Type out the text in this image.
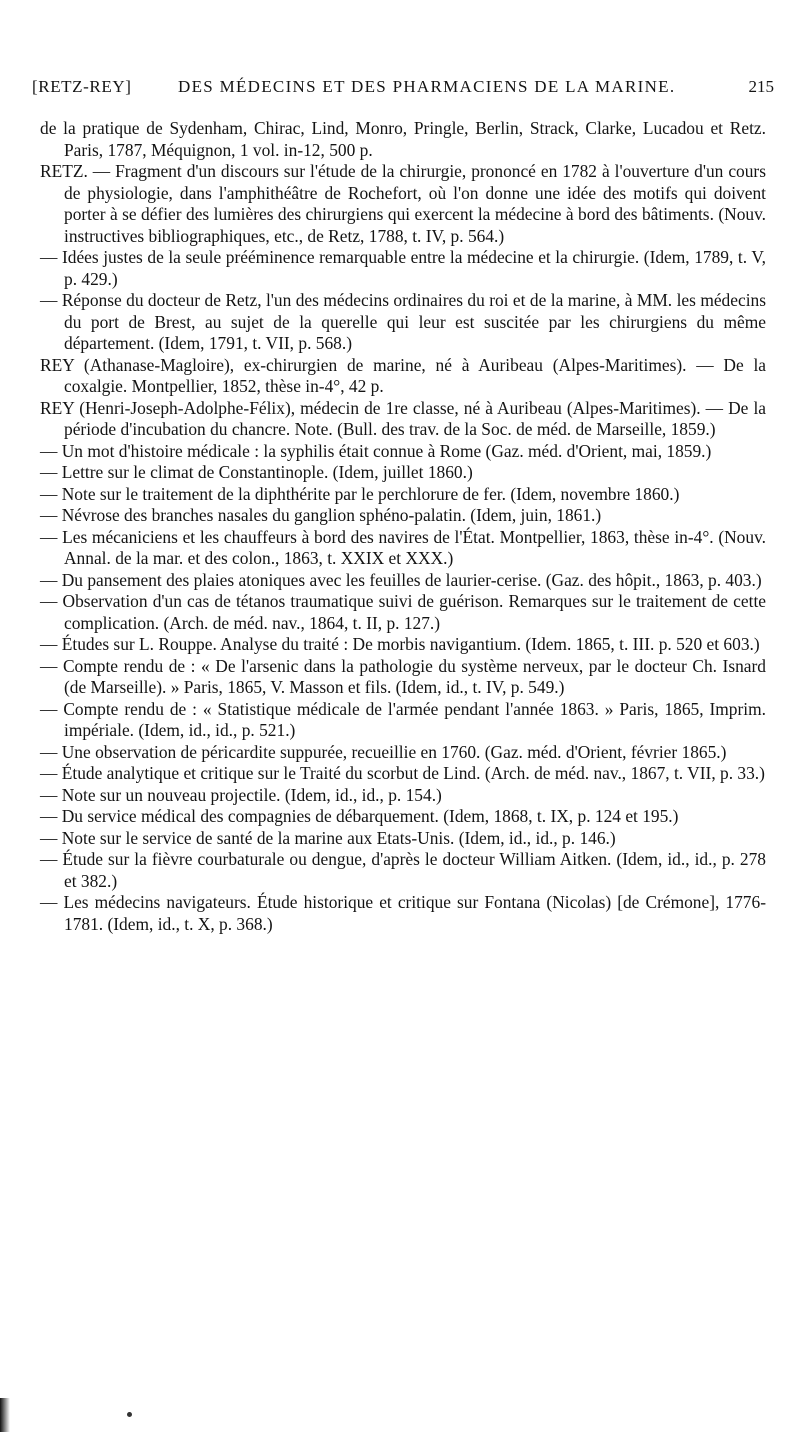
[RETZ-REY]	DES MÉDECINS ET DES PHARMACIENS DE LA MARINE.	215

de la pratique de Sydenham, Chirac, Lind, Monro, Pringle, Berlin, Strack, Clarke, Lucadou et Retz. Paris, 1787, Méquignon, 1 vol. in-12, 500 p.

RETZ. — Fragment d'un discours sur l'étude de la chirurgie, prononcé en 1782 à l'ouverture d'un cours de physiologie, dans l'amphithéâtre de Rochefort, où l'on donne une idée des motifs qui doivent porter à se défier des lumières des chirurgiens qui exercent la médecine à bord des bâtiments. (Nouv. instructives bibliographiques, etc., de Retz, 1788, t. IV, p. 564.)

— Idées justes de la seule prééminence remarquable entre la médecine et la chirurgie. (Idem, 1789, t. V, p. 429.)

— Réponse du docteur de Retz, l'un des médecins ordinaires du roi et de la marine, à MM. les médecins du port de Brest, au sujet de la querelle qui leur est suscitée par les chirurgiens du même département. (Idem, 1791, t. VII, p. 568.)

REY (Athanase-Magloire), ex-chirurgien de marine, né à Auribeau (Alpes-Maritimes). — De la coxalgie. Montpellier, 1852, thèse in-4°, 42 p.

REY (Henri-Joseph-Adolphe-Félix), médecin de 1re classe, né à Auribeau (Alpes-Maritimes). — De la période d'incubation du chancre. Note. (Bull. des trav. de la Soc. de méd. de Marseille, 1859.)

— Un mot d'histoire médicale : la syphilis était connue à Rome (Gaz. méd. d'Orient, mai, 1859.)

— Lettre sur le climat de Constantinople. (Idem, juillet 1860.)

— Note sur le traitement de la diphthérite par le perchlorure de fer. (Idem, novembre 1860.)

— Névrose des branches nasales du ganglion sphéno-palatin. (Idem, juin, 1861.)

— Les mécaniciens et les chauffeurs à bord des navires de l'État. Montpellier, 1863, thèse in-4°. (Nouv. Annal. de la mar. et des colon., 1863, t. XXIX et XXX.)

— Du pansement des plaies atoniques avec les feuilles de laurier-cerise. (Gaz. des hôpit., 1863, p. 403.)

— Observation d'un cas de tétanos traumatique suivi de guérison. Remarques sur le traitement de cette complication. (Arch. de méd. nav., 1864, t. II, p. 127.)

— Études sur L. Rouppe. Analyse du traité : De morbis navigantium. (Idem. 1865, t. III. p. 520 et 603.)

— Compte rendu de : « De l'arsenic dans la pathologie du système nerveux, par le docteur Ch. Isnard (de Marseille). » Paris, 1865, V. Masson et fils. (Idem, id., t. IV, p. 549.)

— Compte rendu de : « Statistique médicale de l'armée pendant l'année 1863. » Paris, 1865, Imprim. impériale. (Idem, id., id., p. 521.)

— Une observation de péricardite suppurée, recueillie en 1760. (Gaz. méd. d'Orient, février 1865.)

— Étude analytique et critique sur le Traité du scorbut de Lind. (Arch. de méd. nav., 1867, t. VII, p. 33.)

— Note sur un nouveau projectile. (Idem, id., id., p. 154.)

— Du service médical des compagnies de débarquement. (Idem, 1868, t. IX, p. 124 et 195.)

— Note sur le service de santé de la marine aux Etats-Unis. (Idem, id., id., p. 146.)

— Étude sur la fièvre courbaturale ou dengue, d'après le docteur William Aitken. (Idem, id., id., p. 278 et 382.)

— Les médecins navigateurs. Étude historique et critique sur Fontana (Nicolas) [de Crémone], 1776-1781. (Idem, id., t. X, p. 368.)
